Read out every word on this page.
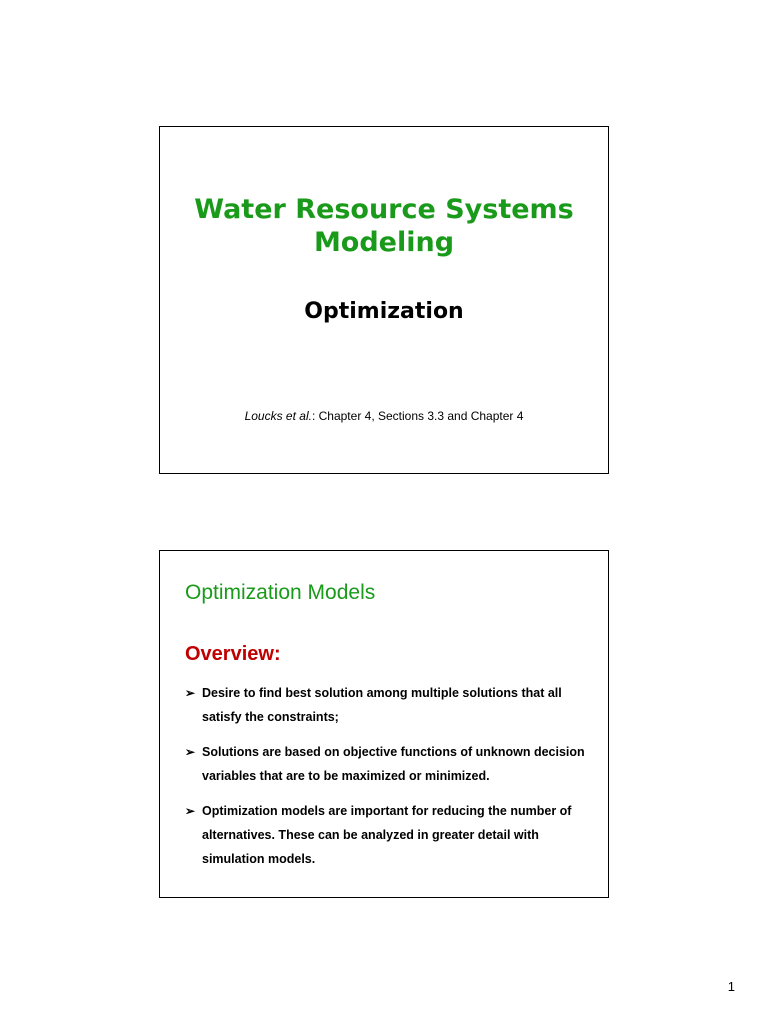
Water Resource Systems
Modeling
Optimization
Loucks et al.: Chapter 4, Sections 3.3 and Chapter 4
Optimization Models
Overview:
➢ Desire to find best solution among multiple solutions that all satisfy the constraints;
➢ Solutions are based on objective functions of unknown decision variables that are to be maximized or minimized.
➢ Optimization models are important for reducing the number of alternatives. These can be analyzed in greater detail with simulation models.
1
